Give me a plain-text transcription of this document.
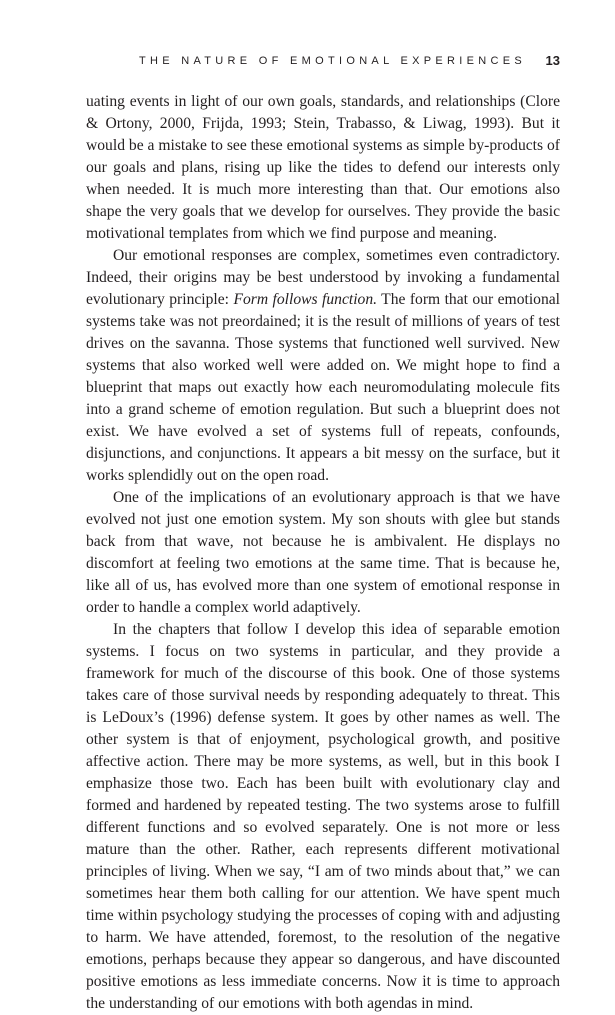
THE NATURE OF EMOTIONAL EXPERIENCES 13

uating events in light of our own goals, standards, and relationships (Clore & Ortony, 2000, Frijda, 1993; Stein, Trabasso, & Liwag, 1993). But it would be a mistake to see these emotional systems as simple by-products of our goals and plans, rising up like the tides to defend our interests only when needed. It is much more interesting than that. Our emotions also shape the very goals that we develop for ourselves. They provide the basic motivational templates from which we find purpose and meaning.

Our emotional responses are complex, sometimes even contradictory. Indeed, their origins may be best understood by invoking a fundamental evolutionary principle: Form follows function. The form that our emotional systems take was not preordained; it is the result of millions of years of test drives on the savanna. Those systems that functioned well survived. New systems that also worked well were added on. We might hope to find a blueprint that maps out exactly how each neuromodulating molecule fits into a grand scheme of emotion regulation. But such a blueprint does not exist. We have evolved a set of systems full of repeats, confounds, disjunctions, and conjunctions. It appears a bit messy on the surface, but it works splendidly out on the open road.

One of the implications of an evolutionary approach is that we have evolved not just one emotion system. My son shouts with glee but stands back from that wave, not because he is ambivalent. He displays no discomfort at feeling two emotions at the same time. That is because he, like all of us, has evolved more than one system of emotional response in order to handle a complex world adaptively.

In the chapters that follow I develop this idea of separable emotion systems. I focus on two systems in particular, and they provide a framework for much of the discourse of this book. One of those systems takes care of those survival needs by responding adequately to threat. This is LeDoux’s (1996) defense system. It goes by other names as well. The other system is that of enjoyment, psychological growth, and positive affective action. There may be more systems, as well, but in this book I emphasize those two. Each has been built with evolutionary clay and formed and hardened by repeated testing. The two systems arose to fulfill different functions and so evolved separately. One is not more or less mature than the other. Rather, each represents different motivational principles of living. When we say, “I am of two minds about that,” we can sometimes hear them both calling for our attention. We have spent much time within psychology studying the processes of coping with and adjusting to harm. We have attended, foremost, to the resolution of the negative emotions, perhaps because they appear so dangerous, and have discounted positive emotions as less immediate concerns. Now it is time to approach the understanding of our emotions with both agendas in mind.
